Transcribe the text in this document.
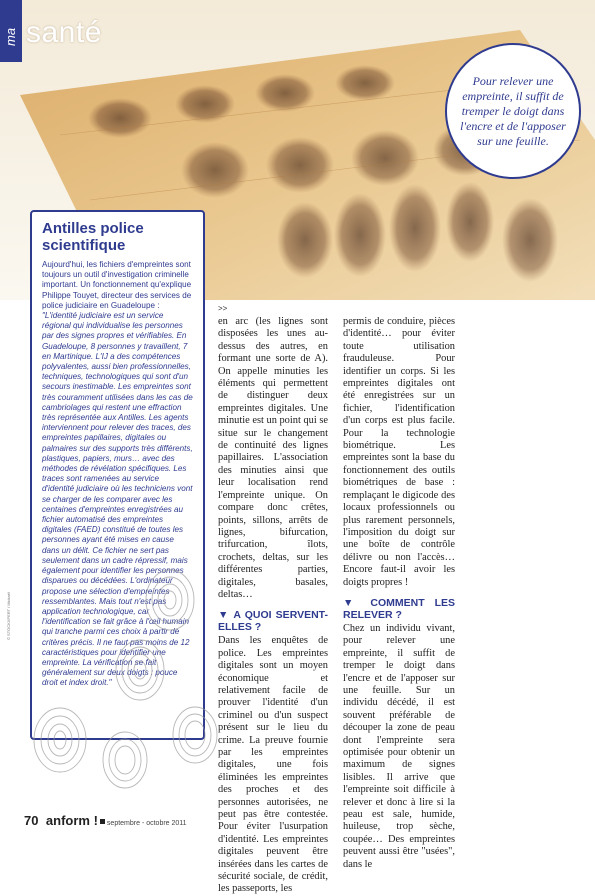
ma santé

Pour relever une empreinte, il suffit de tremper le doigt dans l'encre et de l'apposer sur une feuille.

Antilles police scientifique

Aujourd'hui, les fichiers d'empreintes sont toujours un outil d'investigation criminelle important. Un fonctionnement qu'explique Philippe Touyet, directeur des services de police judiciaire en Guadeloupe : "L'identité judiciaire est un service régional qui individualise les personnes par des signes propres et vérifiables. En Guadeloupe, 8 personnes y travaillent, 7 en Martinique. L'IJ a des compétences polyvalentes, aussi bien professionnelles, techniques, technologiques qui sont d'un secours inestimable. Les empreintes sont très couramment utilisées dans les cas de cambriolages qui restent une effraction très représentée aux Antilles. Les agents interviennent pour relever des traces, des empreintes papillaires, digitales ou palmaires sur des supports très différents, plastiques, papiers, murs… avec des méthodes de révélation spécifiques. Les traces sont ramenées au service d'identité judiciaire où les techniciens vont se charger de les comparer avec les centaines d'empreintes enregistrées au fichier automatisé des empreintes digitales (FAED) constitué de toutes les personnes ayant été mises en cause dans un délit. Ce fichier ne sert pas seulement dans un cadre répressif, mais également pour identifier les personnes disparues ou décédées. L'ordinateur propose une sélection d'empreintes ressemblantes. Mais tout n'est pas application technologique, car l'identification se fait grâce à l'œil humain qui tranche parmi ces choix à partir de critères précis. Il ne faut pas moins de 12 caractéristiques pour identifier une empreinte. La vérification se fait généralement sur deux doigts : pouce droit et index droit."

© STOCKXPERT / Mickaël
>>

en arc (les lignes sont disposées les unes au-dessus des autres, en formant une sorte de A). On appelle minuties les éléments qui permettent de distinguer deux empreintes digitales. Une minutie est un point qui se situe sur le changement de continuité des lignes papillaires. L'association des minuties ainsi que leur localisation rend l'empreinte unique. On compare donc crêtes, points, sillons, arrêts de lignes, bifurcation, trifurcation, îlots, crochets, deltas, sur les différentes parties, digitales, basales, deltas…

▼ A QUOI SERVENT-ELLES ?

Dans les enquêtes de police. Les empreintes digitales sont un moyen économique et relativement facile de prouver l'identité d'un criminel ou d'un suspect présent sur le lieu du crime. La preuve fournie par les empreintes digitales, une fois éliminées les empreintes des proches et des personnes autorisées, ne peut pas être contestée. Pour éviter l'usurpation d'identité. Les empreintes digitales peuvent être insérées dans les cartes de sécurité sociale, de crédit, les passeports, les

permis de conduire, pièces d'identité… pour éviter toute utilisation frauduleuse. Pour identifier un corps. Si les empreintes digitales ont été enregistrées sur un fichier, l'identification d'un corps est plus facile. Pour la technologie biométrique. Les empreintes sont la base du fonctionnement des outils biométriques de base : remplaçant le digicode des locaux professionnels ou plus rarement personnels, l'imposition du doigt sur une boîte de contrôle délivre ou non l'accès… Encore faut-il avoir les doigts propres !

▼ COMMENT LES RELEVER ?

Chez un individu vivant, pour relever une empreinte, il suffit de tremper le doigt dans l'encre et de l'apposer sur une feuille. Sur un individu décédé, il est souvent préférable de découper la zone de peau dont l'empreinte sera optimisée pour obtenir un maximum de signes lisibles. Il arrive que l'empreinte soit difficile à relever et donc à lire si la peau est sale, humide, huileuse, trop sèche, coupée… Des empreintes peuvent aussi être "usées", dans le

70 anform ! septembre - octobre 2011
